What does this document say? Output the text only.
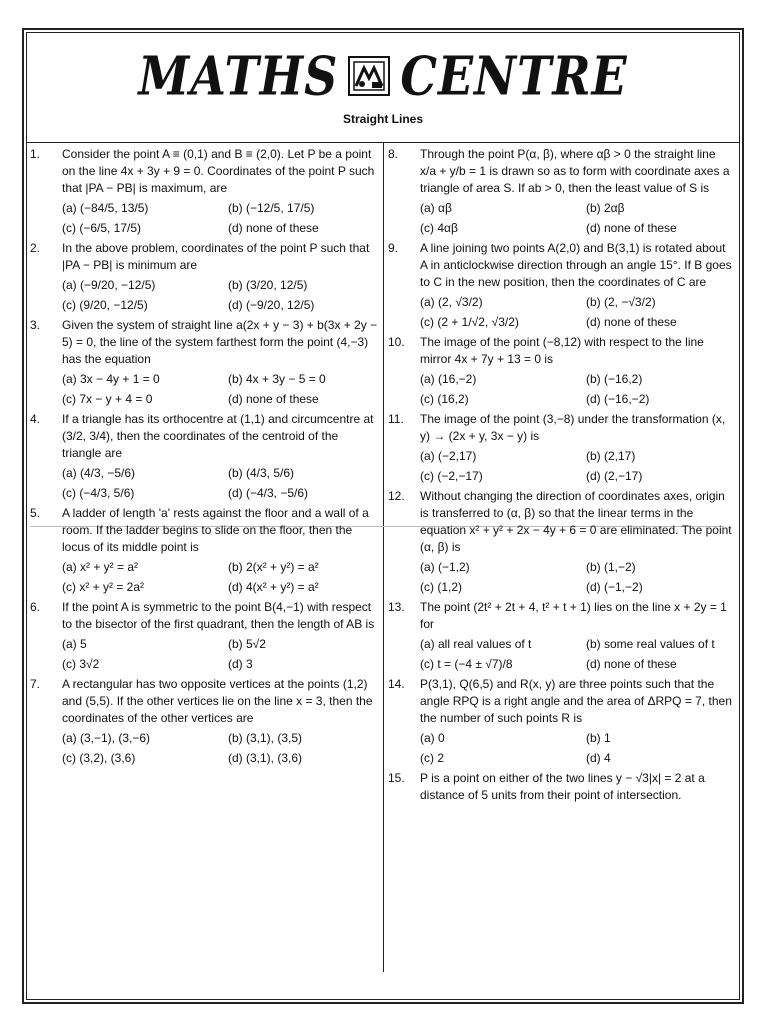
MATHS CENTRE
Straight Lines
1.	Consider the point A ≡ (0,1) and B ≡ (2,0). Let P be a point on the line 4x + 3y + 9 = 0. Coordinates of the point P such that |PA − PB| is maximum, are
(a) (−84/5, 13/5)	(b) (−12/5, 17/5)
(c) (−6/5, 17/5)	(d) none of these
2.	In the above problem, coordinates of the point P such that |PA − PB| is minimum are
(a) (−9/20, −12/5)	(b) (3/20, 12/5)
(c) (9/20, −12/5)	(d) (−9/20, 12/5)
3.	Given the system of straight line a(2x + y − 3) + b(3x + 2y − 5) = 0, the line of the system farthest form the point (4,−3) has the equation
(a) 3x − 4y + 1 = 0	(b) 4x + 3y − 5 = 0
(c) 7x − y + 4 = 0	(d) none of these
4.	If a triangle has its orthocentre at (1,1) and circumcentre at (3/2, 3/4), then the coordinates of the centroid of the triangle are
(a) (4/3, −5/6)	(b) (4/3, 5/6)
(c) (−4/3, 5/6)	(d) (−4/3, −5/6)
5.	A ladder of length 'a' rests against the floor and a wall of a room. If the ladder begins to slide on the floor, then the locus of its middle point is
(a) x² + y² = a²	(b) 2(x² + y²) = a²
(c) x² + y² = 2a²	(d) 4(x² + y²) = a²
6.	If the point A is symmetric to the point B(4,−1) with respect to the bisector of the first quadrant, then the length of AB is
(a) 5	(b) 5√2
(c) 3√2	(d) 3
7.	A rectangular has two opposite vertices at the points (1,2) and (5,5). If the other vertices lie on the line x = 3, then the coordinates of the other vertices are
(a) (3,−1), (3,−6)	(b) (3,1), (3,5)
(c) (3,2), (3,6)	(d) (3,1), (3,6)
8.	Through the point P(α, β), where αβ > 0 the straight line x/a + y/b = 1 is drawn so as to form with coordinate axes a triangle of area S. If ab > 0, then the least value of S is
(a) αβ	(b) 2αβ
(c) 4αβ	(d) none of these
9.	A line joining two points A(2,0) and B(3,1) is rotated about A in anticlockwise direction through an angle 15°. If B goes to C in the new position, then the coordinates of C are
(a) (2, √3/2)	(b) (2, −√3/2)
(c) (2 + 1/√2, √3/2)	(d) none of these
10.	The image of the point (−8,12) with respect to the line mirror 4x + 7y + 13 = 0 is
(a) (16,−2)	(b) (−16,2)
(c) (16,2)	(d) (−16,−2)
11.	The image of the point (3,−8) under the transformation (x, y) → (2x + y, 3x − y) is
(a) (−2,17)	(b) (2,17)
(c) (−2,−17)	(d) (2,−17)
12.	Without changing the direction of coordinates axes, origin is transferred to (α, β) so that the linear terms in the equation x² + y² + 2x − 4y + 6 = 0 are eliminated. The point (α, β) is
(a) (−1,2)	(b) (1,−2)
(c) (1,2)	(d) (−1,−2)
13.	The point (2t² + 2t + 4, t² + t + 1) lies on the line x + 2y = 1 for
(a) all real values of t	(b) some real values of t
(c) t = (−4 ± √7)/8	(d) none of these
14.	P(3,1), Q(6,5) and R(x, y) are three points such that the angle RPQ is a right angle and the area of ΔRPQ = 7, then the number of such points R is
(a) 0	(b) 1
(c) 2	(d) 4
15.	P is a point on either of the two lines y − √3|x| = 2 at a distance of 5 units from their point of intersection.
